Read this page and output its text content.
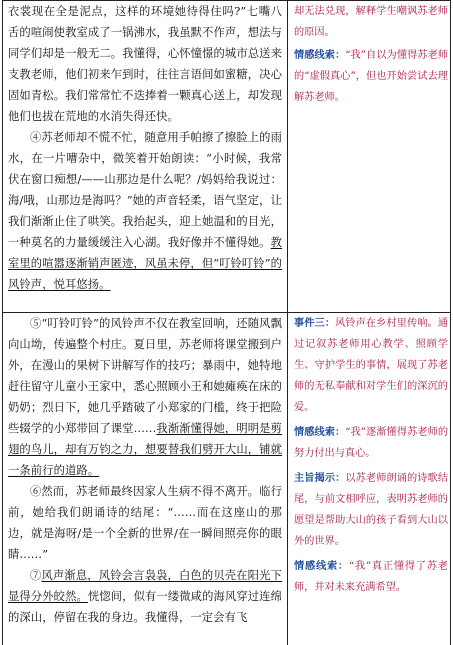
衣裳现在全是泥点，这样的环境她待得住吗?”七嘴八舌的喧闹使教室成了一锅沸水，我虽默不作声，想法与同学们却是一般无二。我懂得，心怀憧憬的城市总送来支教老师，他们初来乍到时，往往言语间如蜜糖，决心固如青松。我们常常忙不迭捧着一颗真心送上，却发现他们也拔在荒地的水消失得还快。

④苏老师却不慌不忙，随意用手帕擦了擦脸上的雨水，在一片嘈杂中，微笑着开始朗读：“小时候，我常伏在窗口痴想/——山那边是什么呢？/妈妈给我说过：海/哦，山那边是海吗？”她的声音轻柔，语气坚定，让我们渐渐止住了哄笑。我抬起头，迎上她温和的目光，一种莫名的力量缓缓注入心湖。我好像并不懂得她。教室里的喧嚣逐渐销声匿迹，风虽未停，但“叮铃叮铃”的风铃声，悦耳悠扬。

却无法兑现，解释学生嘲讽苏老师的原因。

情感线索：“我”自以为懂得苏老师的“虚假真心”，但也开始尝试去理解苏老师。

⑤“叮铃叮铃”的风铃声不仅在教室回响，还随风飘向山坳，传遍整个村庄。夏日里，苏老师将课堂搬到户外，在漫山的果树下讲解写作的技巧；暴雨中，她特地赶往留守儿童小王家中，悉心照顾小王和她瘫痪在床的奶奶；烈日下，她几乎踏破了小郑家的门槛，终于把险些辍学的小郑带回了课堂……我渐渐懂得她，明明是剪翅的鸟儿，却有万钧之力，想要替我们劈开大山，铺就一条前行的道路。

⑥然而，苏老师最终因家人生病不得不离开。临行前，她给我们朗诵诗的结尾：“……而在这座山的那边，就是海呀/是一个全新的世界/在一瞬间照亮你的眼睛……”

⑦风声渐息，风铃会言袅袅，白色的贝壳在阳光下显得分外皎然。恍惚间，似有一缕微咸的海风穿过连绵的深山，停留在我的身边。我懂得，一定会有飞

事件三：风铃声在乡村里传响。通过记叙苏老师用心教学、照顾学生、守护学生的事情，展现了苏老师的无私奉献和对学生们的深沉的爱。

情感线索：“我”逐渐懂得苏老师的努力付出与真心。

主旨揭示：以苏老师朗诵的诗歌结尾，与前文相呼应，表明苏老师的愿望是帮助大山的孩子看到大山以外的世界。

情感线索：“我”真正懂得了苏老师，并对未来充满希望。
